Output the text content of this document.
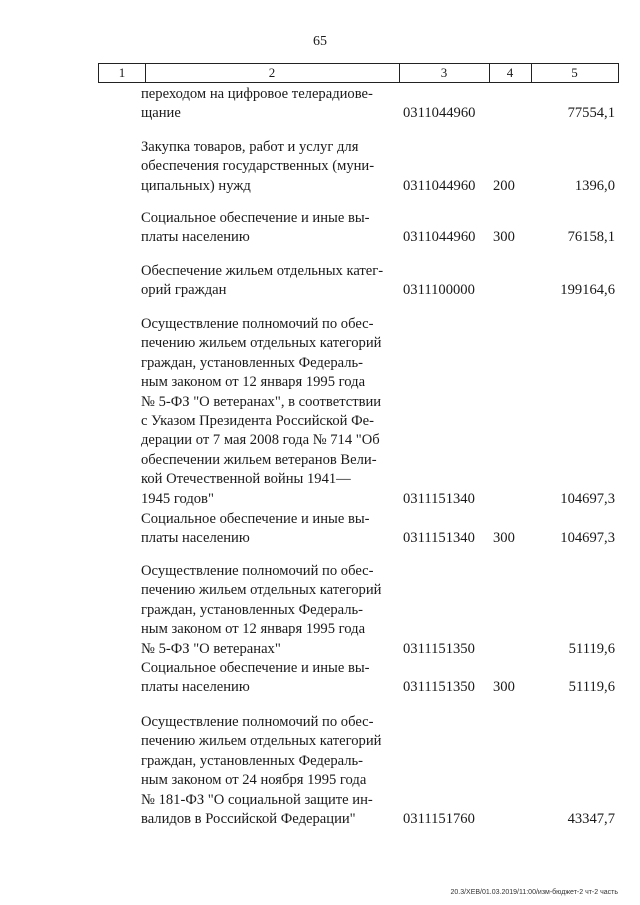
65
1	2	3	4	5
переходом на цифровое телерадиове-
щание	0311044960	77554,1
Закупка товаров, работ и услуг для
обеспечения государственных (муни-
ципальных) нужд	0311044960 200	1396,0
Социальное обеспечение и иные вы-
платы населению	0311044960 300	76158,1
Обеспечение жильем отдельных катег-
орий граждан	0311100000	199164,6
Осуществление полномочий по обес-
печению жильем отдельных категорий
граждан, установленных Федераль-
ным законом от 12 января 1995 года
№ 5-ФЗ "О ветеранах", в соответствии
с Указом Президента Российской Фе-
дерации от 7 мая 2008 года № 714 "Об
обеспечении жильем ветеранов Вели-
кой Отечественной войны 1941—
1945 годов"	0311151340	104697,3
Социальное обеспечение и иные вы-
платы населению	0311151340 300	104697,3
Осуществление полномочий по обес-
печению жильем отдельных категорий
граждан, установленных Федераль-
ным законом от 12 января 1995 года
№ 5-ФЗ "О ветеранах"	0311151350	51119,6
Социальное обеспечение и иные вы-
платы населению	0311151350 300	51119,6
Осуществление полномочий по обес-
печению жильем отдельных категорий
граждан, установленных Федераль-
ным законом от 24 ноября 1995 года
№ 181-ФЗ "О социальной защите ин-
валидов в Российской Федерации"	0311151760	43347,7
20.3/ХЕВ/01.03.2019/11:00/изм-бюджет-2 чт-2 часть
